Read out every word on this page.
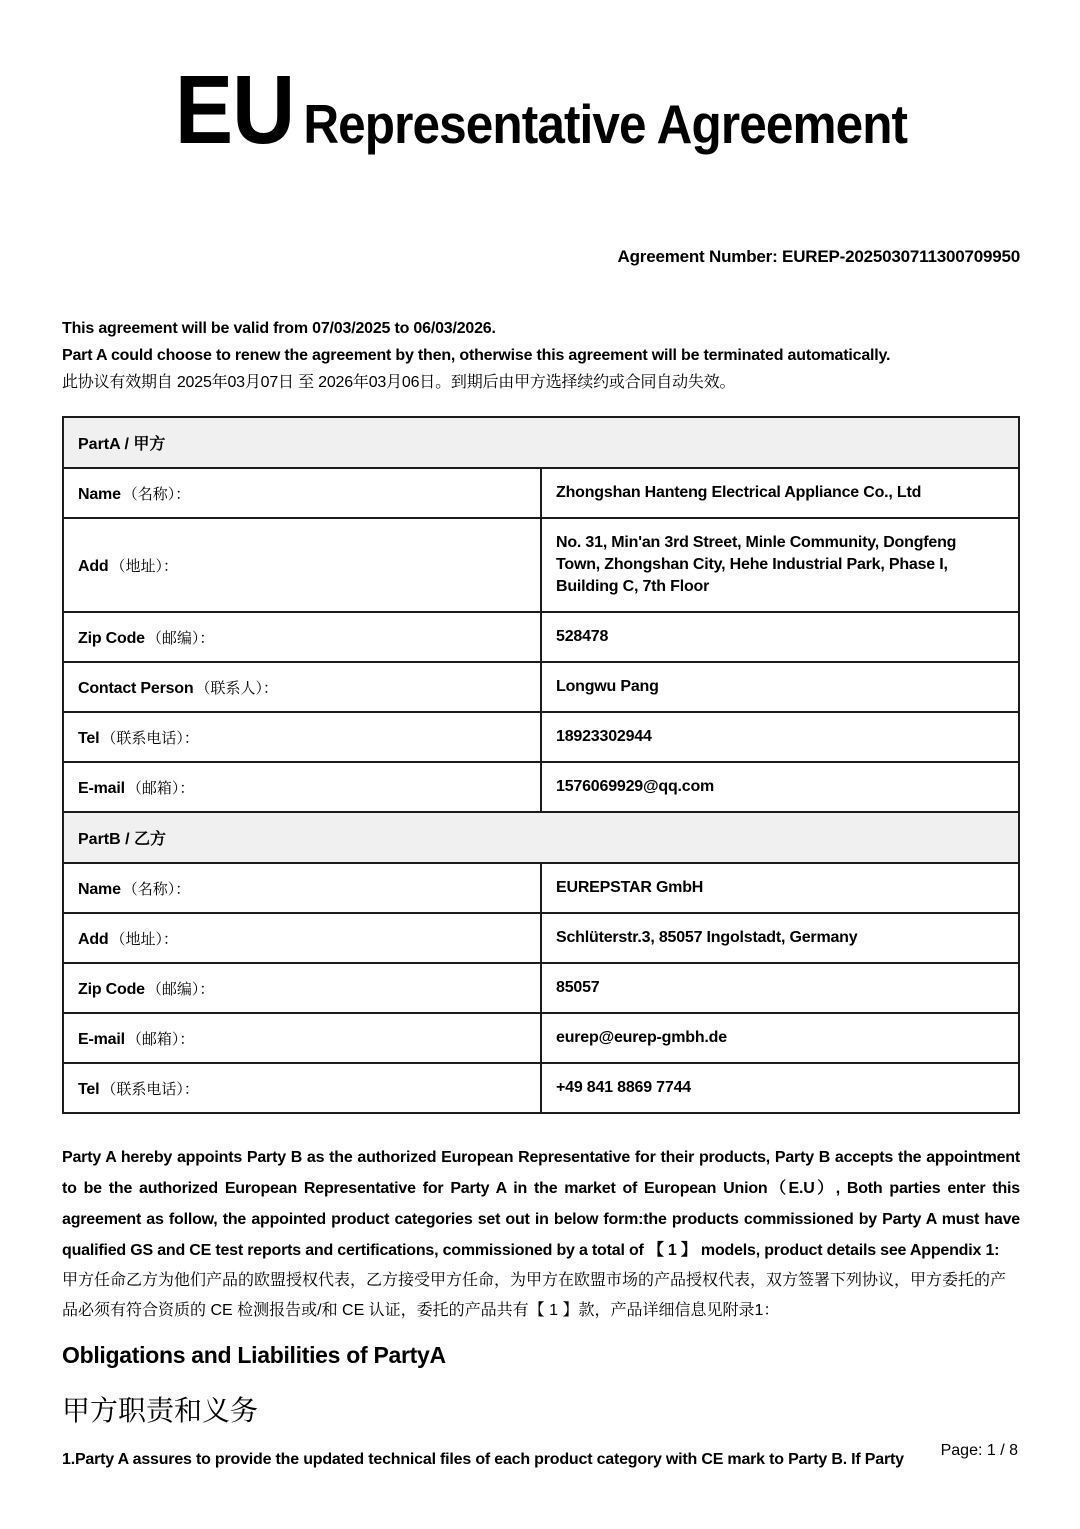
EU Representative Agreement
Agreement Number: EUREP-2025030711300709950
This agreement will be valid from 07/03/2025 to 06/03/2026.
Part A could choose to renew the agreement by then, otherwise this agreement will be terminated automatically.
此协议有效期自 2025年03月07日 至 2026年03月06日。到期后由甲方选择续约或合同自动失效。
PartA / 甲方	
Name （名称）：	Zhongshan Hanteng Electrical Appliance Co., Ltd
Add （地址）：	No. 31, Min'an 3rd Street, Minle Community, Dongfeng Town, Zhongshan City, Hehe Industrial Park, Phase I, Building C, 7th Floor
Zip Code （邮编）：	528478
Contact Person （联系人）：	Longwu Pang
Tel （联系电话）：	18923302944
E-mail （邮箱）：	1576069929@qq.com
PartB / 乙方	
Name （名称）：	EUREPSTAR GmbH
Add （地址）：	Schlüterstr.3, 85057 Ingolstadt, Germany
Zip Code （邮编）：	85057
E-mail （邮箱）：	eurep@eurep-gmbh.de
Tel （联系电话）：	+49 841 8869 7744
Party A hereby appoints Party B as the authorized European Representative for their products, Party B accepts the appointment to be the authorized European Representative for Party A in the market of European Union（E.U）, Both parties enter this agreement as follow, the appointed product categories set out in below form:the products commissioned by Party A must have qualified GS and CE test reports and certifications, commissioned by a total of 【 1 】 models, product details see Appendix 1:
甲方任命乙方为他们产品的欧盟授权代表，乙方接受甲方任命，为甲方在欧盟市场的产品授权代表，双方签署下列协议，甲方委托的产品必须有符合资质的 CE 检测报告或/和 CE 认证，委托的产品共有【 1 】款，产品详细信息见附录1：
Obligations and Liabilities of PartyA
甲方职责和义务
1.Party A assures to provide the updated technical files of each product category with CE mark to Party B. If Party
Page: 1 / 8
